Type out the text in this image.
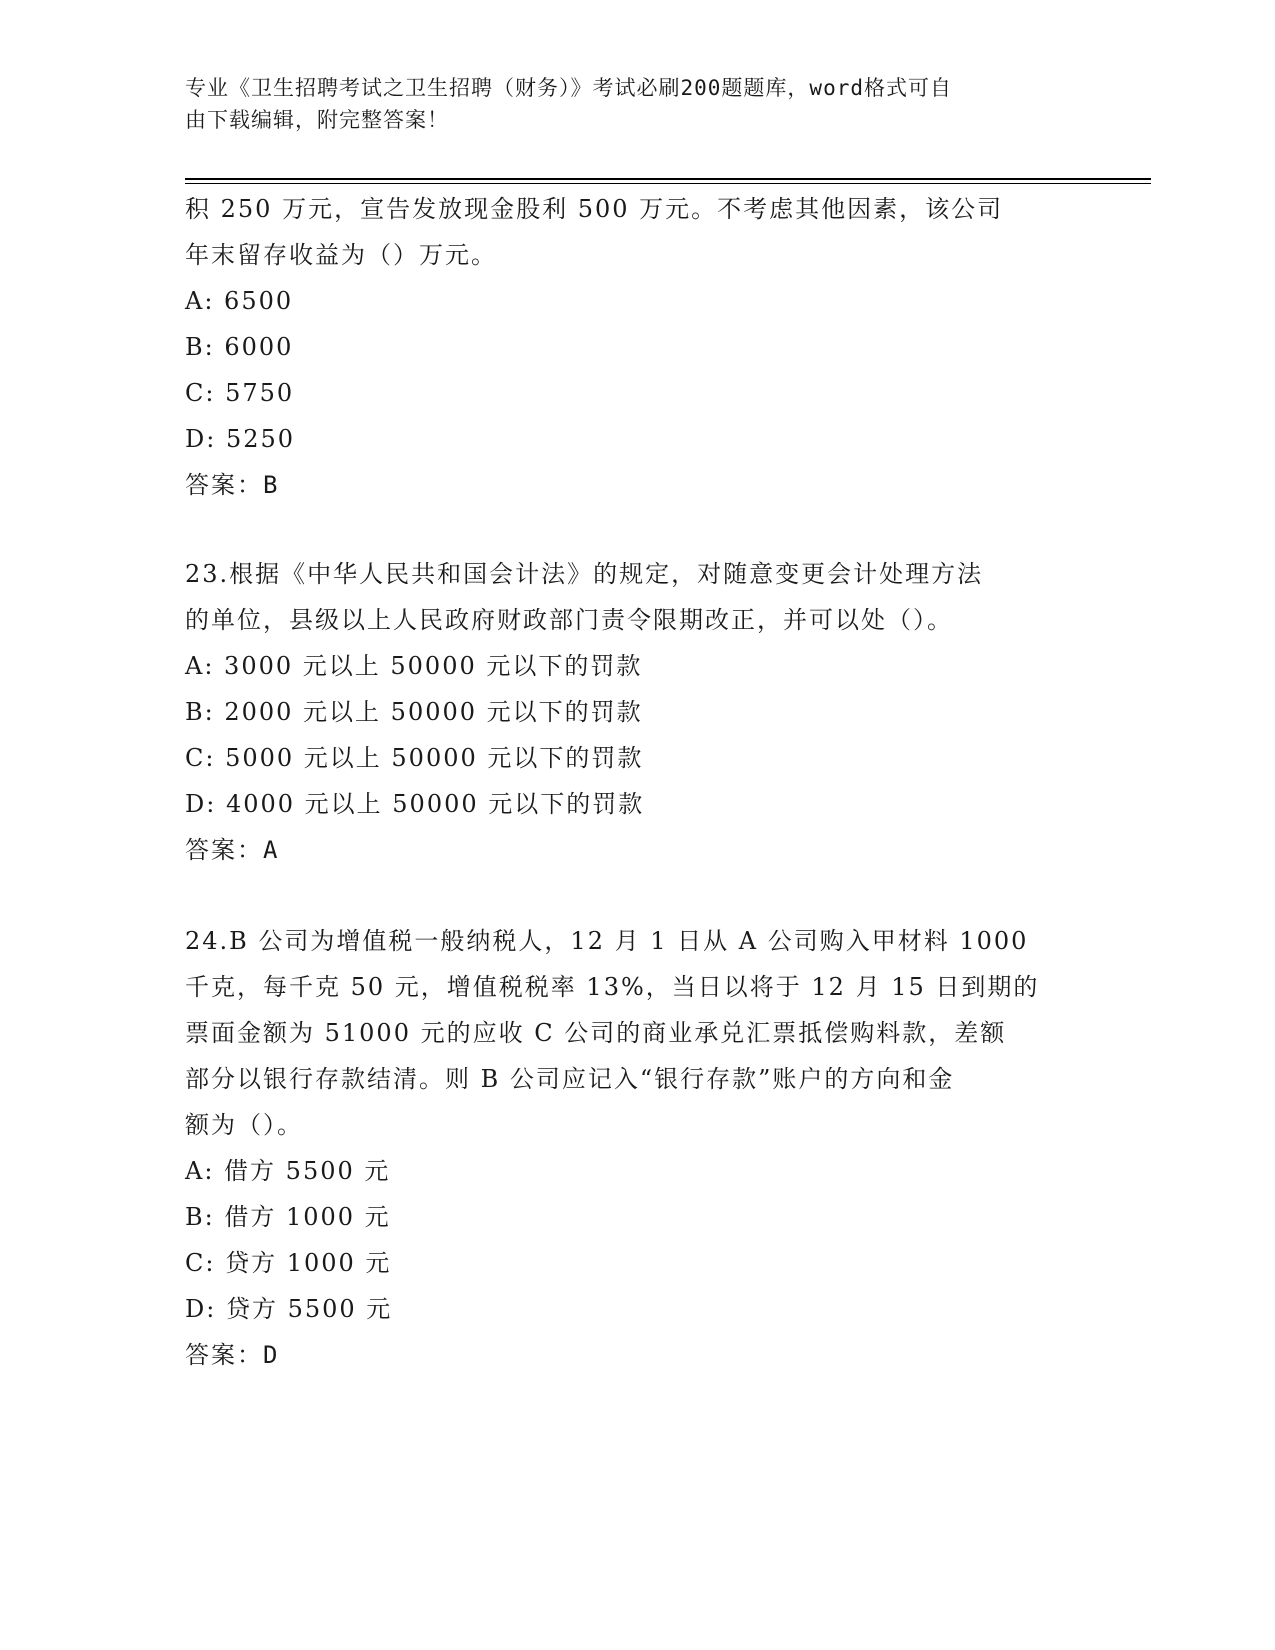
专业《卫生招聘考试之卫生招聘（财务）》考试必刷200题题库，word格式可自
由下载编辑，附完整答案！
积 250 万元，宣告发放现金股利 500 万元。不考虑其他因素，该公司
年末留存收益为（）万元。
A: 6500
B: 6000
C: 5750
D: 5250
答案：B
23.根据《中华人民共和国会计法》的规定，对随意变更会计处理方法
的单位，县级以上人民政府财政部门责令限期改正，并可以处（）。
A: 3000 元以上 50000 元以下的罚款
B: 2000 元以上 50000 元以下的罚款
C: 5000 元以上 50000 元以下的罚款
D: 4000 元以上 50000 元以下的罚款
答案：A
24.B 公司为增值税一般纳税人，12 月 1 日从 A 公司购入甲材料 1000
千克，每千克 50 元，增值税税率 13%，当日以将于 12 月 15 日到期的
票面金额为 51000 元的应收 C 公司的商业承兑汇票抵偿购料款，差额
部分以银行存款结清。则 B 公司应记入“银行存款”账户的方向和金
额为（）。
A: 借方 5500 元
B: 借方 1000 元
C: 贷方 1000 元
D: 贷方 5500 元
答案：D
